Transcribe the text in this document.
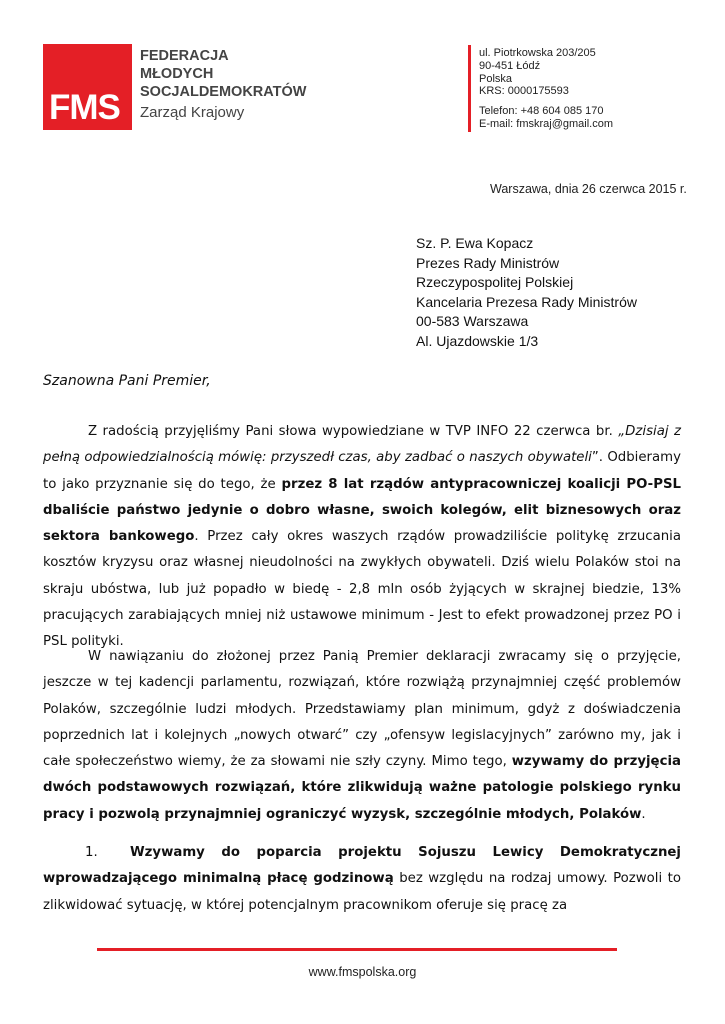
FMS
FEDERACJA
MŁODYCH
SOCJALDEMOKRATÓW
Zarząd Krajowy
ul. Piotrkowska 203/205
90-451 Łódź
Polska
KRS: 0000175593
Telefon: +48 604 085 170
E-mail: fmskraj@gmail.com
Warszawa, dnia 26 czerwca 2015 r.
Sz. P. Ewa Kopacz
Prezes Rady Ministrów
Rzeczypospolitej Polskiej
Kancelaria Prezesa Rady Ministrów
00-583 Warszawa
Al. Ujazdowskie 1/3
Szanowna Pani Premier,
Z radością przyjęliśmy Pani słowa wypowiedziane w TVP INFO 22 czerwca br. „Dzisiaj z pełną odpowiedzialnością mówię: przyszedł czas, aby zadbać o naszych obywateli”. Odbieramy to jako przyznanie się do tego, że przez 8 lat rządów antypracowniczej koalicji PO-PSL dbaliście państwo jedynie o dobro własne, swoich kolegów, elit biznesowych oraz sektora bankowego. Przez cały okres waszych rządów prowadziliście politykę zrzucania kosztów kryzysu oraz własnej nieudolności na zwykłych obywateli. Dziś wielu Polaków stoi na skraju ubóstwa, lub już popadło w biedę - 2,8 mln osób żyjących w skrajnej biedzie, 13% pracujących zarabiających mniej niż ustawowe minimum - Jest to efekt prowadzonej przez PO i PSL polityki.
W nawiązaniu do złożonej przez Panią Premier deklaracji zwracamy się o przyjęcie, jeszcze w tej kadencji parlamentu, rozwiązań, które rozwiążą przynajmniej część problemów Polaków, szczególnie ludzi młodych. Przedstawiamy plan minimum, gdyż z doświadczenia poprzednich lat i kolejnych „nowych otwarć” czy „ofensyw legislacyjnych” zarówno my, jak i całe społeczeństwo wiemy, że za słowami nie szły czyny. Mimo tego, wzywamy do przyjęcia dwóch podstawowych rozwiązań, które zlikwidują ważne patologie polskiego rynku pracy i pozwolą przynajmniej ograniczyć wyzysk, szczególnie młodych, Polaków.
1. Wzywamy do poparcia projektu Sojuszu Lewicy Demokratycznej wprowadzającego minimalną płacę godzinową bez względu na rodzaj umowy. Pozwoli to zlikwidować sytuację, w której potencjalnym pracownikom oferuje się pracę za
www.fmspolska.org
